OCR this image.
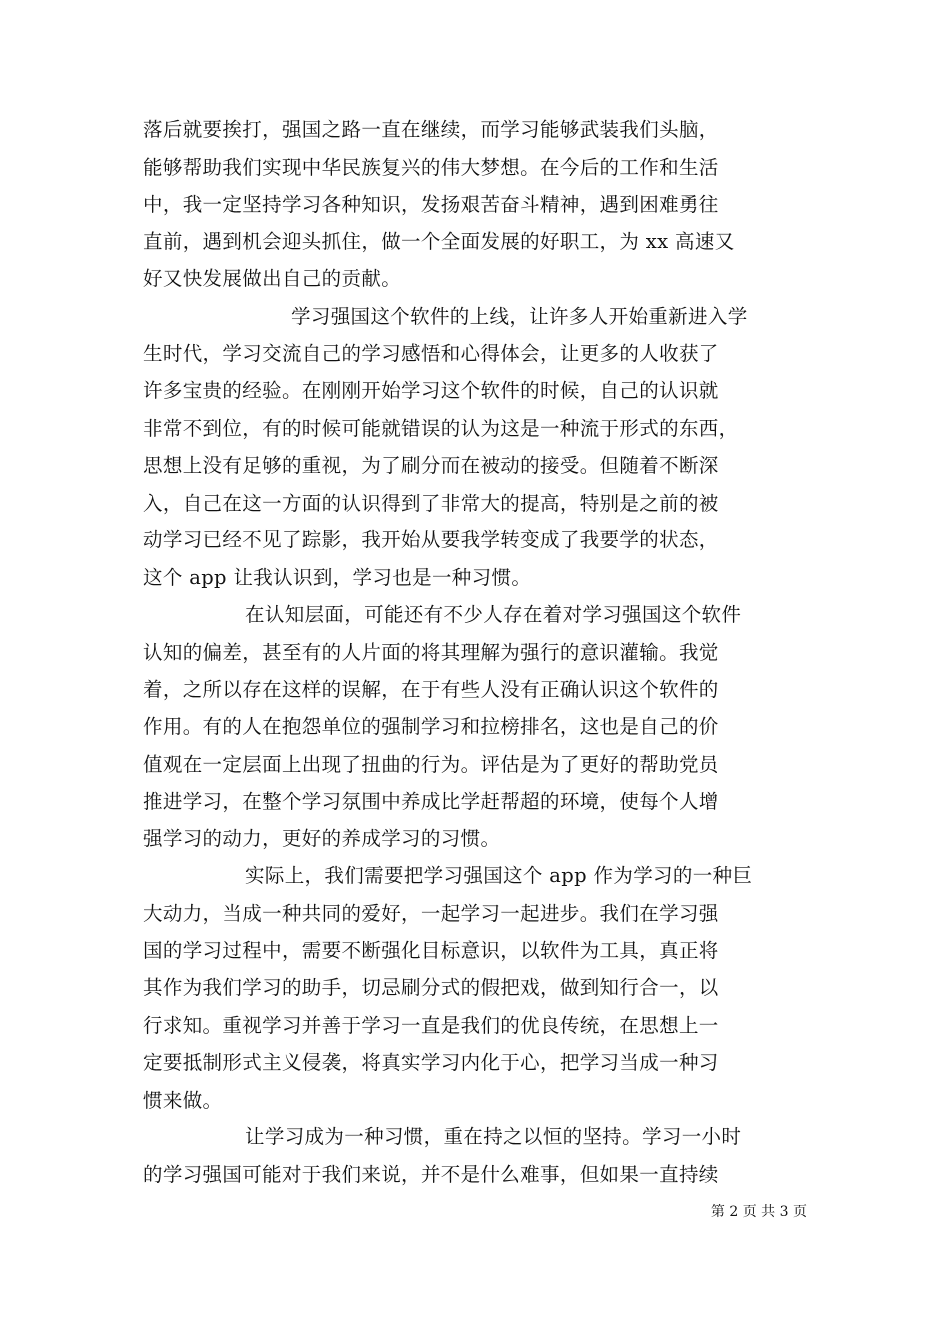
落后就要挨打，强国之路一直在继续，而学习能够武装我们头脑，
能够帮助我们实现中华民族复兴的伟大梦想。在今后的工作和生活
中，我一定坚持学习各种知识，发扬艰苦奋斗精神，遇到困难勇往
直前，遇到机会迎头抓住，做一个全面发展的好职工，为 xx 高速又
好又快发展做出自己的贡献。
学习强国这个软件的上线，让许多人开始重新进入学
生时代，学习交流自己的学习感悟和心得体会，让更多的人收获了
许多宝贵的经验。在刚刚开始学习这个软件的时候，自己的认识就
非常不到位，有的时候可能就错误的认为这是一种流于形式的东西，
思想上没有足够的重视，为了刷分而在被动的接受。但随着不断深
入，自己在这一方面的认识得到了非常大的提高，特别是之前的被
动学习已经不见了踪影，我开始从要我学转变成了我要学的状态，
这个 app 让我认识到，学习也是一种习惯。
在认知层面，可能还有不少人存在着对学习强国这个软件
认知的偏差，甚至有的人片面的将其理解为强行的意识灌输。我觉
着，之所以存在这样的误解，在于有些人没有正确认识这个软件的
作用。有的人在抱怨单位的强制学习和拉榜排名，这也是自己的价
值观在一定层面上出现了扭曲的行为。评估是为了更好的帮助党员
推进学习，在整个学习氛围中养成比学赶帮超的环境，使每个人增
强学习的动力，更好的养成学习的习惯。
实际上，我们需要把学习强国这个 app 作为学习的一种巨
大动力，当成一种共同的爱好，一起学习一起进步。我们在学习强
国的学习过程中，需要不断强化目标意识，以软件为工具，真正将
其作为我们学习的助手，切忌刷分式的假把戏，做到知行合一，以
行求知。重视学习并善于学习一直是我们的优良传统，在思想上一
定要抵制形式主义侵袭，将真实学习内化于心，把学习当成一种习
惯来做。
让学习成为一种习惯，重在持之以恒的坚持。学习一小时
的学习强国可能对于我们来说，并不是什么难事，但如果一直持续
第 2 页 共 3 页
